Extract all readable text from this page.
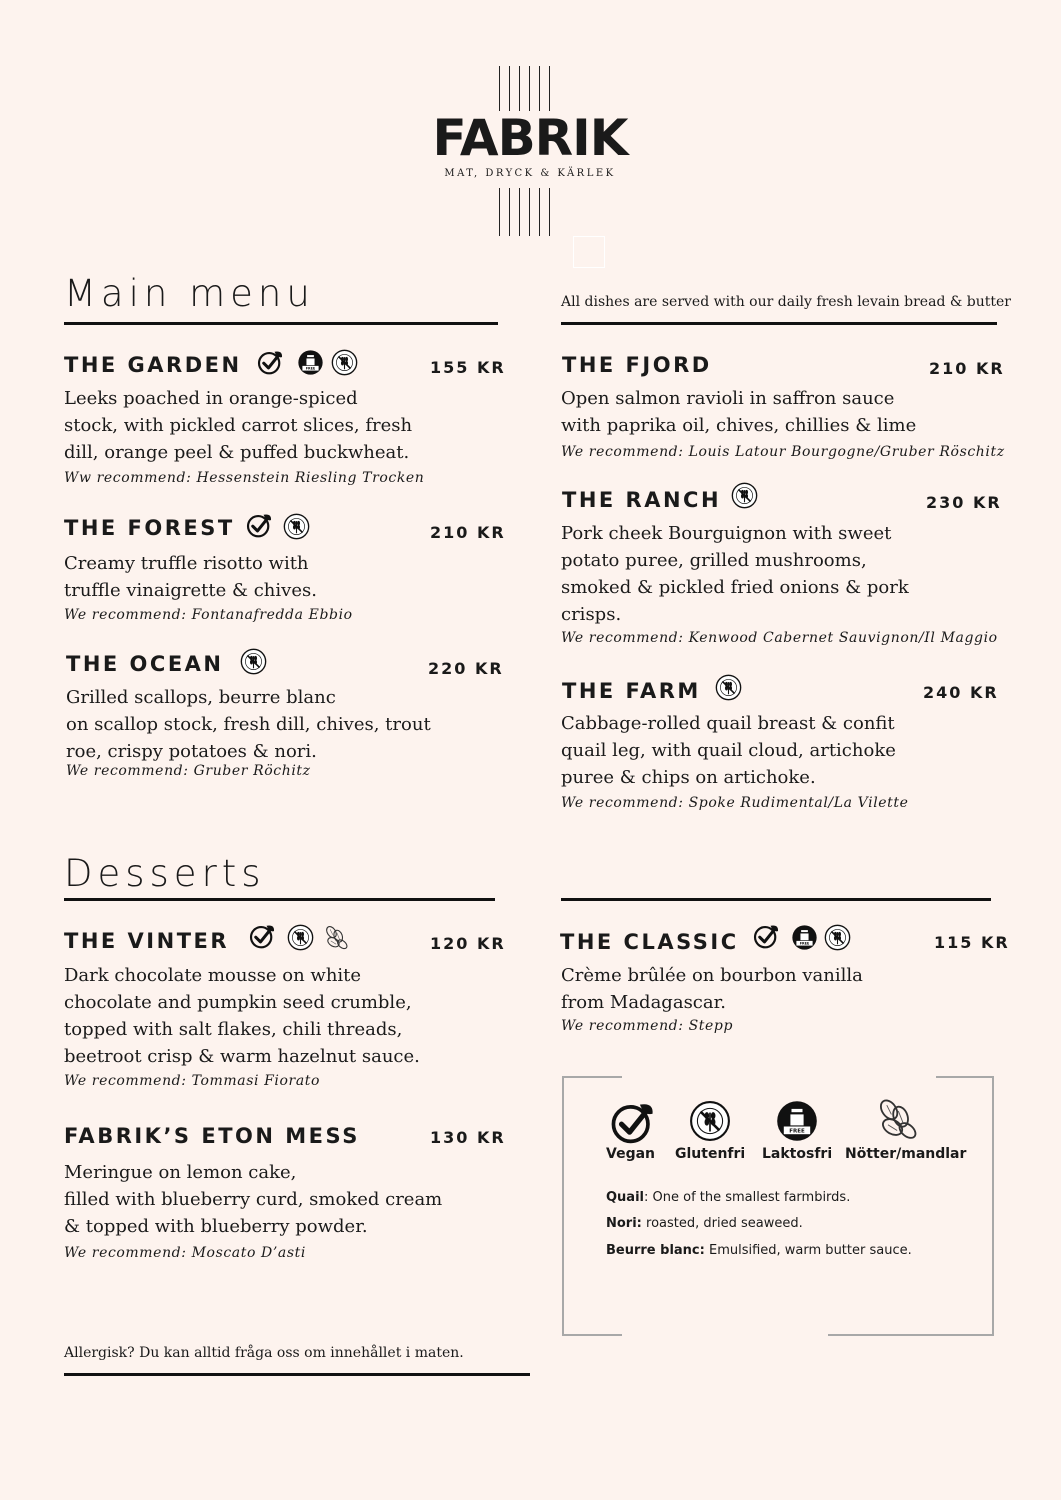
FABRIK
MAT, DRYCK & KÄRLEK
Main menu	All dishes are served with our daily fresh levain bread & butter
THE GARDEN	155 KR
Leeks poached in orange-spiced
stock, with pickled carrot slices, fresh
dill, orange peel & puffed buckwheat.
Ww recommend: Hessenstein Riesling Trocken
THE FOREST	210 KR
Creamy truffle risotto with
truffle vinaigrette & chives.
We recommend: Fontanafredda Ebbio
THE OCEAN	220 KR
Grilled scallops, beurre blanc
on scallop stock, fresh dill, chives, trout
roe, crispy potatoes & nori.
We recommend: Gruber Röchitz
THE FJORD	210 KR
Open salmon ravioli in saffron sauce
with paprika oil, chives, chillies & lime
We recommend: Louis Latour Bourgogne/Gruber Röschitz
THE RANCH	230 KR
Pork cheek Bourguignon with sweet
potato puree, grilled mushrooms,
smoked & pickled fried onions & pork
crisps.
We recommend: Kenwood Cabernet Sauvignon/Il Maggio
THE FARM	240 KR
Cabbage-rolled quail breast & confit
quail leg, with quail cloud, artichoke
puree & chips on artichoke.
We recommend: Spoke Rudimental/La Vilette
Desserts
THE VINTER	120 KR
Dark chocolate mousse on white
chocolate and pumpkin seed crumble,
topped with salt flakes, chili threads,
beetroot crisp & warm hazelnut sauce.
We recommend: Tommasi Fiorato
FABRIK’S ETON MESS	130 KR
Meringue on lemon cake,
filled with blueberry curd, smoked cream
& topped with blueberry powder.
We recommend: Moscato D’asti
THE CLASSIC	115 KR
Crème brûlée on bourbon vanilla
from Madagascar.
We recommend: Stepp
Vegan Glutenfri Laktosfri Nötter/mandlar
Quail: One of the smallest farmbirds.
Nori: roasted, dried seaweed.
Beurre blanc: Emulsified, warm butter sauce.
Allergisk? Du kan alltid fråga oss om innehållet i maten.
